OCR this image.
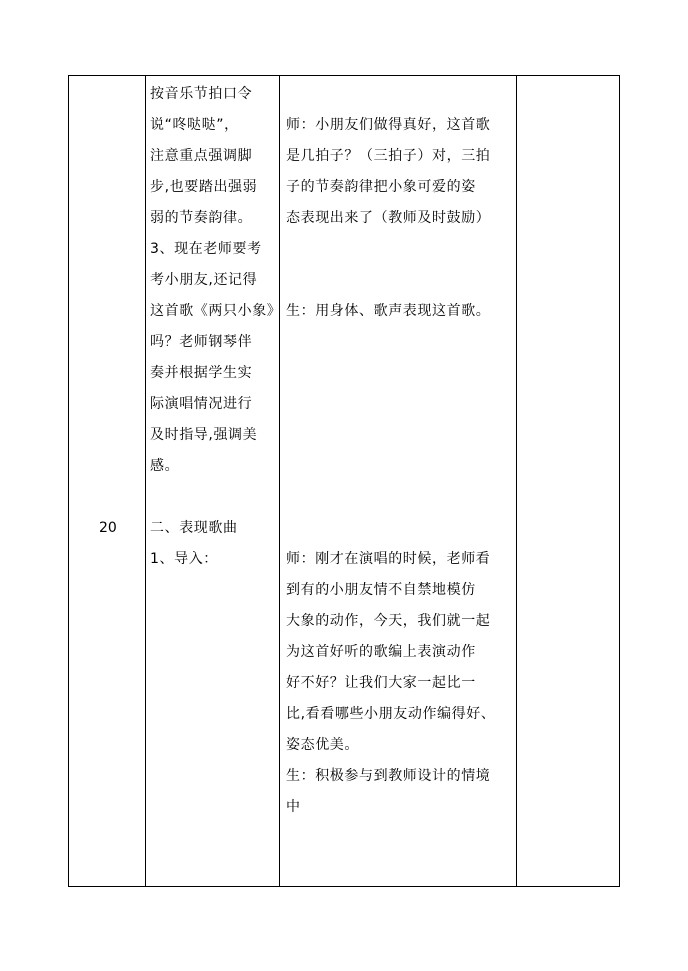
20
按音乐节拍口令
说“咚哒哒”，
注意重点强调脚
步,也要踏出强弱
弱的节奏韵律。
3、现在老师要考
考小朋友,还记得
这首歌《两只小象》
吗？老师钢琴伴
奏并根据学生实
际演唱情况进行
及时指导,强调美
感。
二、表现歌曲
1、导入：
师：小朋友们做得真好，这首歌
是几拍子？（三拍子）对，三拍
子的节奏韵律把小象可爱的姿
态表现出来了（教师及时鼓励）
生：用身体、歌声表现这首歌。
师：刚才在演唱的时候，老师看
到有的小朋友情不自禁地模仿
大象的动作，今天，我们就一起
为这首好听的歌编上表演动作
好不好？让我们大家一起比一
比,看看哪些小朋友动作编得好、
姿态优美。
生：积极参与到教师设计的情境
中
